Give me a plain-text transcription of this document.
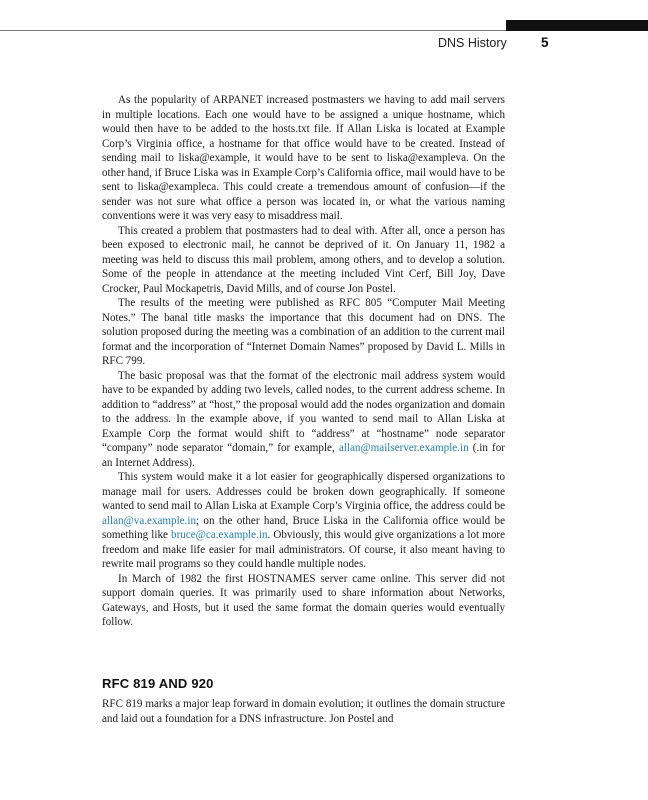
DNS History	5

As the popularity of ARPANET increased postmasters we having to add mail servers in multiple locations. Each one would have to be assigned a unique hostname, which would then have to be added to the hosts.txt file. If Allan Liska is located at Example Corp’s Virginia office, a hostname for that office would have to be created. Instead of sending mail to liska@example, it would have to be sent to liska@exampleva. On the other hand, if Bruce Liska was in Example Corp’s California office, mail would have to be sent to liska@exampleca. This could create a tremendous amount of confusion—if the sender was not sure what office a person was located in, or what the various naming conventions were it was very easy to misaddress mail.

This created a problem that postmasters had to deal with. After all, once a person has been exposed to electronic mail, he cannot be deprived of it. On January 11, 1982 a meeting was held to discuss this mail problem, among others, and to develop a solution. Some of the people in attendance at the meeting included Vint Cerf, Bill Joy, Dave Crocker, Paul Mockapetris, David Mills, and of course Jon Postel.

The results of the meeting were published as RFC 805 “Computer Mail Meeting Notes.” The banal title masks the importance that this document had on DNS. The solution proposed during the meeting was a combination of an addition to the current mail format and the incorporation of “Internet Domain Names” proposed by David L. Mills in RFC 799.

The basic proposal was that the format of the electronic mail address system would have to be expanded by adding two levels, called nodes, to the current address scheme. In addition to “address” at “host,” the proposal would add the nodes organization and domain to the address. In the example above, if you wanted to send mail to Allan Liska at Example Corp the format would shift to “address” at “hostname” node separator “company” node separator “domain,” for example, allan@mailserver.example.in (.in for an Internet Address).

This system would make it a lot easier for geographically dispersed organizations to manage mail for users. Addresses could be broken down geographically. If someone wanted to send mail to Allan Liska at Example Corp’s Virginia office, the address could be allan@va.example.in; on the other hand, Bruce Liska in the California office would be something like bruce@ca.example.in. Obviously, this would give organizations a lot more freedom and make life easier for mail administrators. Of course, it also meant having to rewrite mail programs so they could handle multiple nodes.

In March of 1982 the first HOSTNAMES server came online. This server did not support domain queries. It was primarily used to share information about Networks, Gateways, and Hosts, but it used the same format the domain queries would eventually follow.

RFC 819 AND 920

RFC 819 marks a major leap forward in domain evolution; it outlines the domain structure and laid out a foundation for a DNS infrastructure. Jon Postel and
